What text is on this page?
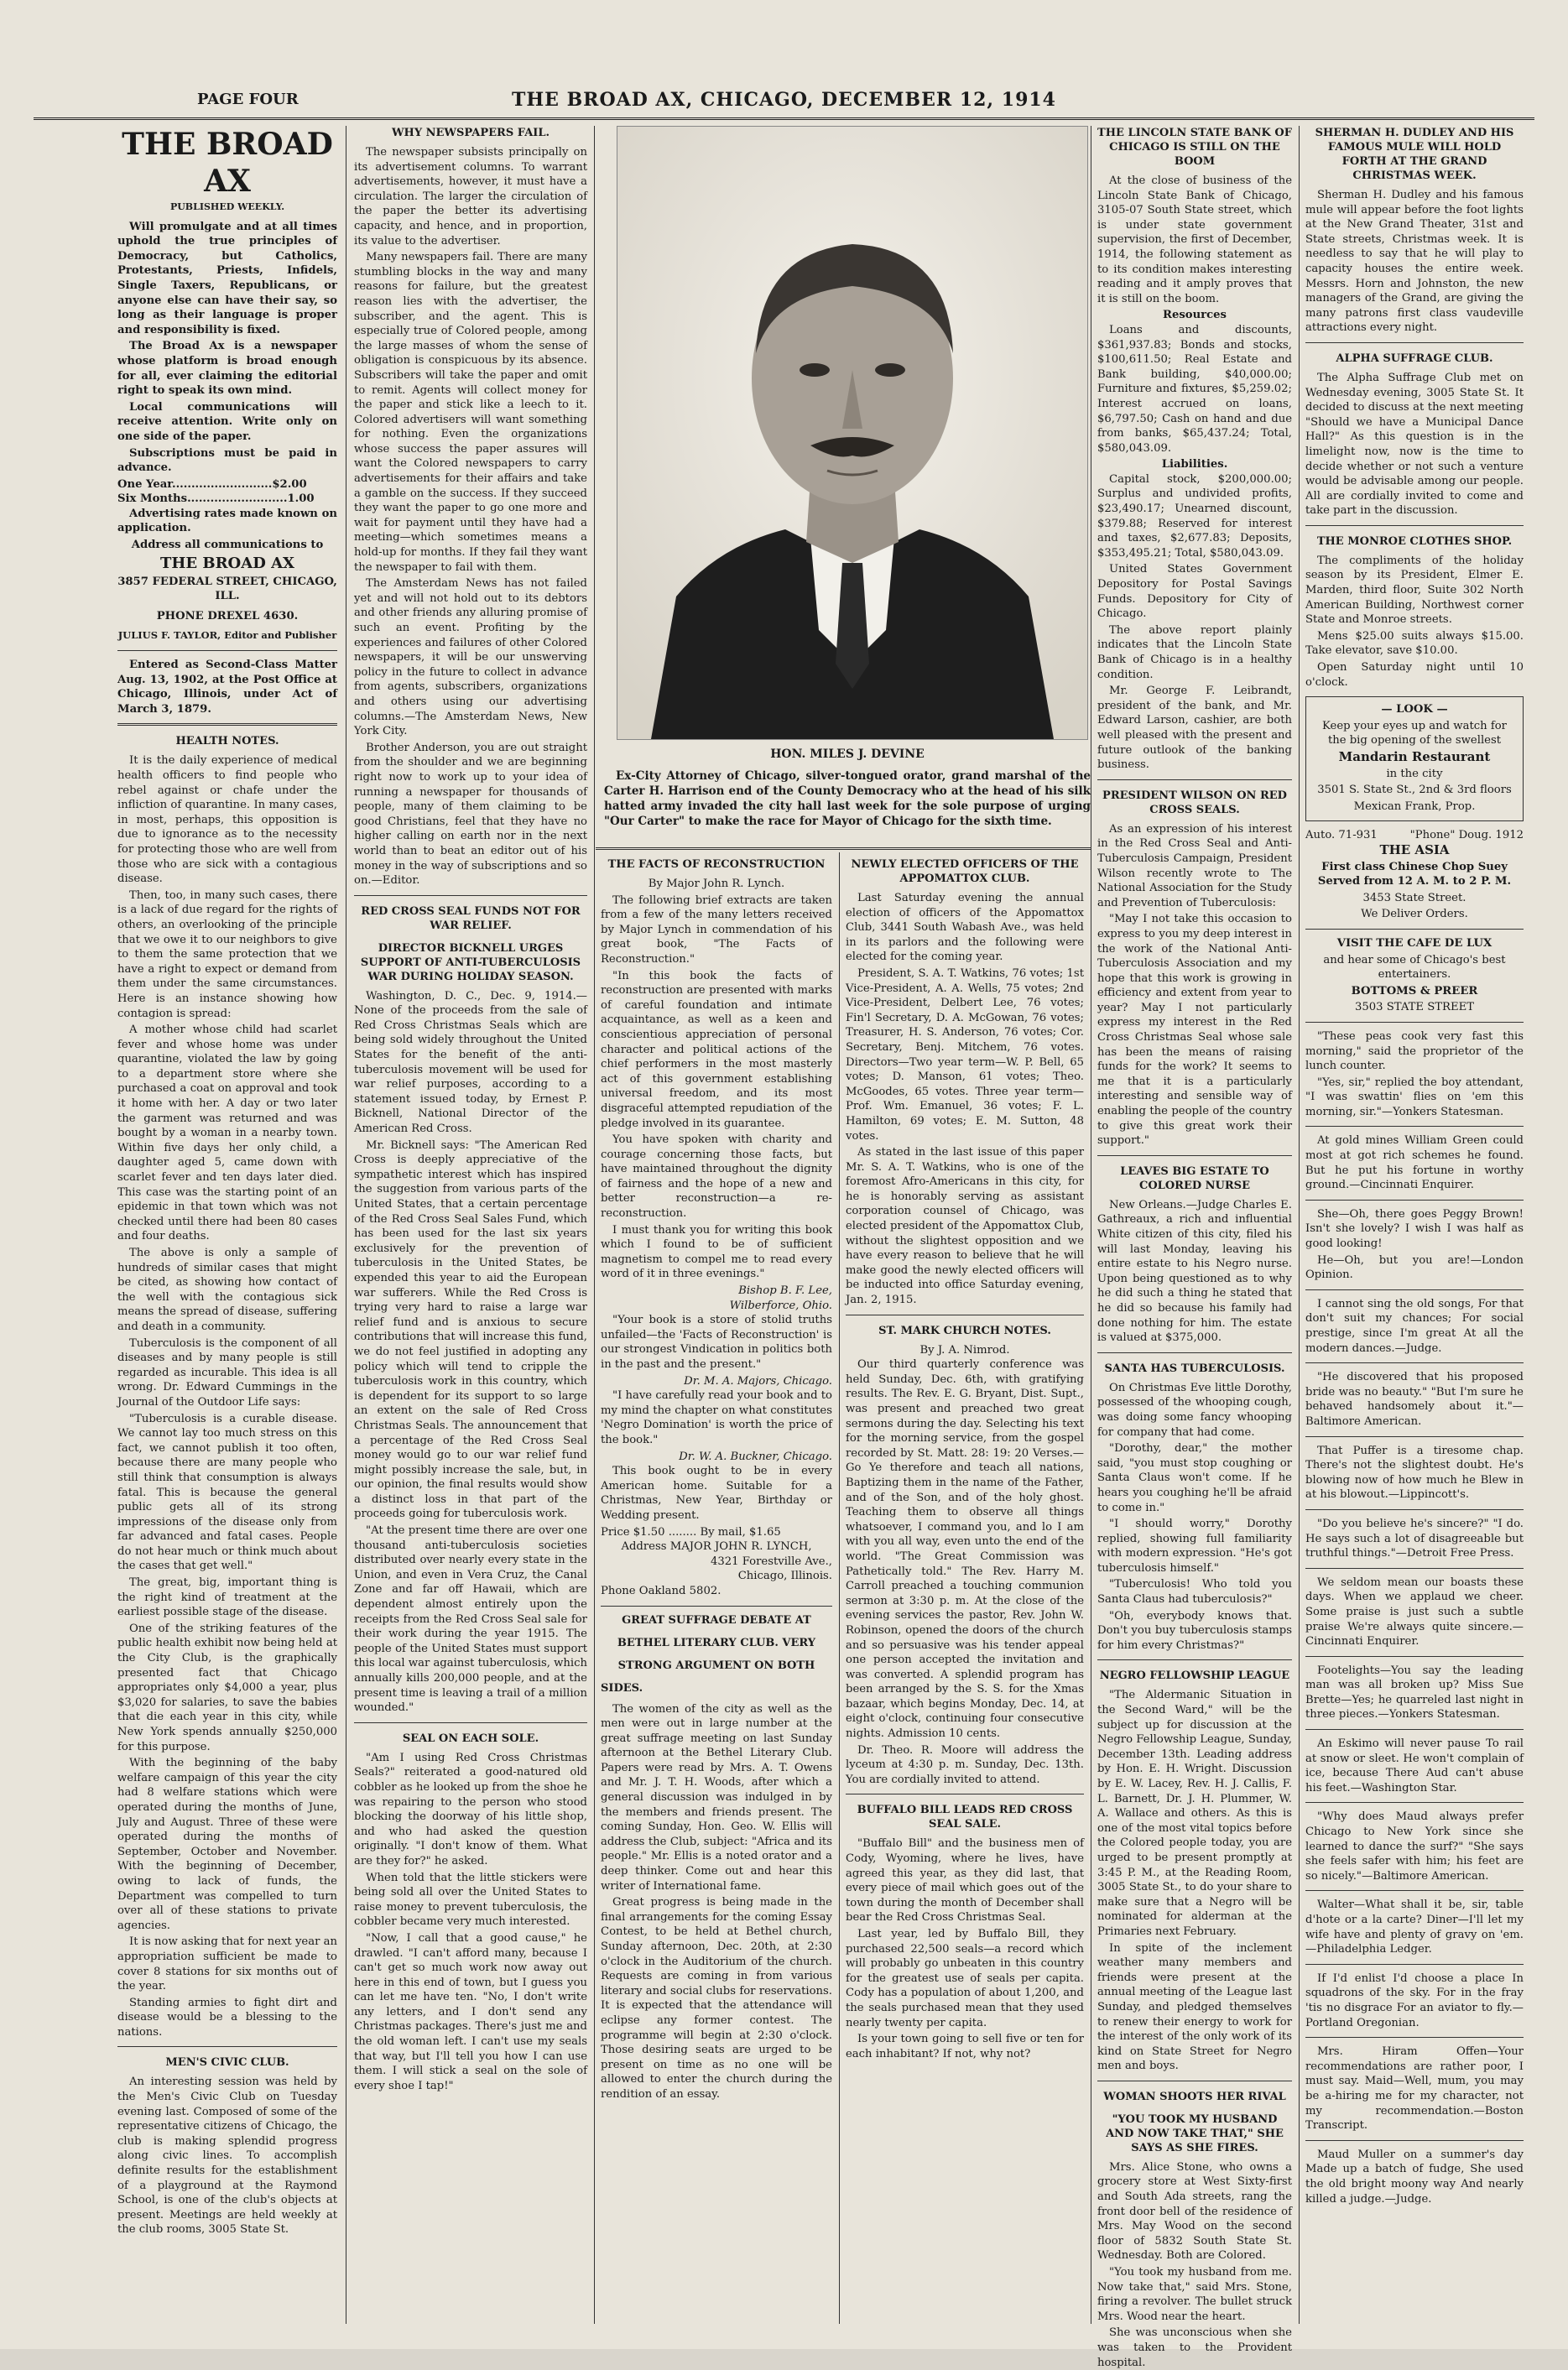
PAGE FOUR	THE BROAD AX, CHICAGO, DECEMBER 12, 1914
THE BROAD AX
PUBLISHED WEEKLY.

Will promulgate and at all times uphold the true principles of Democracy, but Catholics, Protestants, Priests, Infidels, Single Taxers, Republicans, or anyone else can have their say, so long as their language is proper and responsibility is fixed.

The Broad Ax is a newspaper whose platform is broad enough for all, ever claiming the editorial right to speak its own mind.

Local communications will receive attention. Write only on one side of the paper.

Subscriptions must be paid in advance.

One Year..........................$2.00
Six Months..........................1.00

Advertising rates made known on application.

Address all communications to
THE BROAD AX
3857 FEDERAL STREET, CHICAGO, ILL.
PHONE DREXEL 4630.
JULIUS F. TAYLOR, Editor and Publisher

Entered as Second-Class Matter Aug. 13, 1902, at the Post Office at Chicago, Illinois, under Act of March 3, 1879.

HEALTH NOTES.

It is the daily experience of medical health officers to find people who rebel against or chafe under the infliction of quarantine. In many cases, in most, perhaps, this opposition is due to ignorance as to the necessity for protecting those who are well from those who are sick with a contagious disease.

Then, too, in many such cases, there is a lack of due regard for the rights of others, an overlooking of the principle that we owe it to our neighbors to give to them the same protection that we have a right to expect or demand from them under the same circumstances. Here is an instance showing how contagion is spread:

A mother whose child had scarlet fever and whose home was under quarantine, violated the law by going to a department store where she purchased a coat on approval and took it home with her. A day or two later the garment was returned and was bought by a woman in a nearby town. Within five days her only child, a daughter aged 5, came down with scarlet fever and ten days later died. This case was the starting point of an epidemic in that town which was not checked until there had been 80 cases and four deaths.

The above is only a sample of hundreds of similar cases that might be cited, as showing how contact of the well with the contagious sick means the spread of disease, suffering and death in a community.

Tuberculosis is the component of all diseases and by many people is still regarded as incurable. This idea is all wrong. Dr. Edward Cummings in the Journal of the Outdoor Life says:

"Tuberculosis is a curable disease. We cannot lay too much stress on this fact, we cannot publish it too often, because there are many people who still think that consumption is always fatal. This is because the general public gets all of its strong impressions of the disease only from far advanced and fatal cases. People do not hear much or think much about the cases that get well."

The great, big, important thing is the right kind of treatment at the earliest possible stage of the disease.

One of the striking features of the public health exhibit now being held at the City Club, is the graphically presented fact that Chicago appropriates only $4,000 a year, plus $3,020 for salaries, to save the babies that die each year in this city, while New York spends annually $250,000 for this purpose.

With the beginning of the baby welfare campaign of this year the city had 8 welfare stations which were operated during the months of June, July and August. Three of these were operated during the months of September, October and November. With the beginning of December, owing to lack of funds, the Department was compelled to turn over all of these stations to private agencies.

It is now asking that for next year an appropriation sufficient be made to cover 8 stations for six months out of the year.

Standing armies to fight dirt and disease would be a blessing to the nations.

MEN'S CIVIC CLUB.

An interesting session was held by the Men's Civic Club on Tuesday evening last. Composed of some of the representative citizens of Chicago, the club is making splendid progress along civic lines. To accomplish definite results for the establishment of a playground at the Raymond School, is one of the club's objects at present. Meetings are held weekly at the club rooms, 3005 State St.

WHY NEWSPAPERS FAIL.

The newspaper subsists principally on its advertisement columns. To warrant advertisements, however, it must have a circulation. The larger the circulation of the paper the better its advertising capacity, and hence, and in proportion, its value to the advertiser.

Many newspapers fail. There are many stumbling blocks in the way and many reasons for failure, but the greatest reason lies with the advertiser, the subscriber, and the agent. This is especially true of Colored people, among the large masses of whom the sense of obligation is conspicuous by its absence. Subscribers will take the paper and omit to remit. Agents will collect money for the paper and stick like a leech to it. Colored advertisers will want something for nothing. Even the organizations whose success the paper assures will want the Colored newspapers to carry advertisements for their affairs and take a gamble on the success. If they succeed they want the paper to go one more and wait for payment until they have had a meeting—which sometimes means a hold-up for months. If they fail they want the newspaper to fail with them.

The Amsterdam News has not failed yet and will not hold out to its debtors and other friends any alluring promise of such an event. Profiting by the experiences and failures of other Colored newspapers, it will be our unswerving policy in the future to collect in advance from agents, subscribers, organizations and others using our advertising columns.—The Amsterdam News, New York City.

Brother Anderson, you are out straight from the shoulder and we are beginning right now to work up to your idea of running a newspaper for thousands of people, many of them claiming to be good Christians, feel that they have no higher calling on earth nor in the next world than to beat an editor out of his money in the way of subscriptions and so on.—Editor.

RED CROSS SEAL FUNDS NOT FOR WAR RELIEF.
DIRECTOR BICKNELL URGES SUPPORT OF ANTI-TUBERCULOSIS WAR DURING HOLIDAY SEASON.

Washington, D. C., Dec. 9, 1914.—None of the proceeds from the sale of Red Cross Christmas Seals which are being sold widely throughout the United States for the benefit of the anti-tuberculosis movement will be used for war relief purposes, according to a statement issued today, by Ernest P. Bicknell, National Director of the American Red Cross.

Mr. Bicknell says: "The American Red Cross is deeply appreciative of the sympathetic interest which has inspired the suggestion from various parts of the United States, that a certain percentage of the Red Cross Seal Sales Fund, which has been used for the last six years exclusively for the prevention of tuberculosis in the United States, be expended this year to aid the European war sufferers. While the Red Cross is trying very hard to raise a large war relief fund and is anxious to secure contributions that will increase this fund, we do not feel justified in adopting any policy which will tend to cripple the tuberculosis work in this country, which is dependent for its support to so large an extent on the sale of Red Cross Christmas Seals. The announcement that a percentage of the Red Cross Seal money would go to our war relief fund might possibly increase the sale, but, in our opinion, the final results would show a distinct loss in that part of the proceeds going for tuberculosis work.

"At the present time there are over one thousand anti-tuberculosis societies distributed over nearly every state in the Union, and even in Vera Cruz, the Canal Zone and far off Hawaii, which are dependent almost entirely upon the receipts from the Red Cross Seal sale for their work during the year 1915. The people of the United States must support this local war against tuberculosis, which annually kills 200,000 people, and at the present time is leaving a trail of a million wounded."

SEAL ON EACH SOLE.

"Am I using Red Cross Christmas Seals?" reiterated a good-natured old cobbler as he looked up from the shoe he was repairing to the person who stood blocking the doorway of his little shop, and who had asked the question originally. "I don't know of them. What are they for?" he asked.

When told that the little stickers were being sold all over the United States to raise money to prevent tuberculosis, the cobbler became very much interested.

"Now, I call that a good cause," he drawled. "I can't afford many, because I can't get so much work now away out here in this end of town, but I guess you can let me have ten. "No, I don't write any letters, and I don't send any Christmas packages. There's just me and the old woman left. I can't use my seals that way, but I'll tell you how I can use them. I will stick a seal on the sole of every shoe I tap!"

HON. MILES J. DEVINE
Ex-City Attorney of Chicago, silver-tongued orator, grand marshal of the Carter H. Harrison end of the County Democracy who at the head of his silk hatted army invaded the city hall last week for the sole purpose of urging "Our Carter" to make the race for Mayor of Chicago for the sixth time.
THE FACTS OF RECONSTRUCTION

By Major John R. Lynch.

The following brief extracts are taken from a few of the many letters received by Major Lynch in commendation of his great book, "The Facts of Reconstruction."

"In this book the facts of reconstruction are presented with marks of careful foundation and intimate acquaintance, as well as a keen and conscientious appreciation of personal character and political actions of the chief performers in the most masterly act of this government establishing universal freedom, and its most disgraceful attempted repudiation of the pledge involved in its guarantee.

You have spoken with charity and courage concerning those facts, but have maintained throughout the dignity of fairness and the hope of a new and better reconstruction—a re-reconstruction.

I must thank you for writing this book which I found to be of sufficient magnetism to compel me to read every word of it in three evenings."

Bishop B. F. Lee,
Wilberforce, Ohio.

"Your book is a store of stolid truths unfailed—the 'Facts of Reconstruction' is our strongest Vindication in politics both in the past and the present."

Dr. M. A. Majors, Chicago.

"I have carefully read your book and to my mind the chapter on what constitutes 'Negro Domination' is worth the price of the book."

Dr. W. A. Buckner, Chicago.

This book ought to be in every American home. Suitable for a Christmas, New Year, Birthday or Wedding present.

Price $1.50 ........ By mail, $1.65
Address MAJOR JOHN R. LYNCH,
4321 Forestville Ave.,
Chicago, Illinois.
Phone Oakland 5802.
GREAT SUFFRAGE DEBATE AT
BETHEL LITERARY CLUB. VERY
STRONG ARGUMENT ON BOTH
SIDES.

The women of the city as well as the men were out in large number at the great suffrage meeting on last Sunday afternoon at the Bethel Literary Club. Papers were read by Mrs. A. T. Owens and Mr. J. T. H. Woods, after which a general discussion was indulged in by the members and friends present. The coming Sunday, Hon. Geo. W. Ellis will address the Club, subject: "Africa and its people." Mr. Ellis is a noted orator and a deep thinker. Come out and hear this writer of International fame.

Great progress is being made in the final arrangements for the coming Essay Contest, to be held at Bethel church, Sunday afternoon, Dec. 20th, at 2:30 o'clock in the Auditorium of the church. Requests are coming in from various literary and social clubs for reservations. It is expected that the attendance will eclipse any former contest. The programme will begin at 2:30 o'clock. Those desiring seats are urged to be present on time as no one will be allowed to enter the church during the rendition of an essay.

NEWLY ELECTED OFFICERS OF THE APPOMATTOX CLUB.

Last Saturday evening the annual election of officers of the Appomattox Club, 3441 South Wabash Ave., was held in its parlors and the following were elected for the coming year.

President, S. A. T. Watkins, 76 votes; 1st Vice-President, A. A. Wells, 75 votes; 2nd Vice-President, Delbert Lee, 76 votes; Fin'l Secretary, D. A. McGowan, 76 votes; Treasurer, H. S. Anderson, 76 votes; Cor. Secretary, Benj. Mitchem, 76 votes. Directors—Two year term—W. P. Bell, 65 votes; D. Manson, 61 votes; Theo. McGoodes, 65 votes. Three year term—Prof. Wm. Emanuel, 36 votes; F. L. Hamilton, 69 votes; E. M. Sutton, 48 votes.

As stated in the last issue of this paper Mr. S. A. T. Watkins, who is one of the foremost Afro-Americans in this city, for he is honorably serving as assistant corporation counsel of Chicago, was elected president of the Appomattox Club, without the slightest opposition and we have every reason to believe that he will make good the newly elected officers will be inducted into office Saturday evening, Jan. 2, 1915.

ST. MARK CHURCH NOTES.
By J. A. Nimrod.

Our third quarterly conference was held Sunday, Dec. 6th, with gratifying results. The Rev. E. G. Bryant, Dist. Supt., was present and preached two great sermons during the day. Selecting his text for the morning service, from the gospel recorded by St. Matt. 28: 19: 20 Verses.—Go Ye therefore and teach all nations, Baptizing them in the name of the Father, and of the Son, and of the holy ghost. Teaching them to observe all things whatsoever, I command you, and lo I am with you all way, even unto the end of the world. "The Great Commission was Pathetically told." The Rev. Harry M. Carroll preached a touching communion sermon at 3:30 p. m. At the close of the evening services the pastor, Rev. John W. Robinson, opened the doors of the church and so persuasive was his tender appeal one person accepted the invitation and was converted. A splendid program has been arranged by the S. S. for the Xmas bazaar, which begins Monday, Dec. 14, at eight o'clock, continuing four consecutive nights. Admission 10 cents.

Dr. Theo. R. Moore will address the lyceum at 4:30 p. m. Sunday, Dec. 13th. You are cordially invited to attend.

BUFFALO BILL LEADS RED CROSS SEAL SALE.

"Buffalo Bill" and the business men of Cody, Wyoming, where he lives, have agreed this year, as they did last, that every piece of mail which goes out of the town during the month of December shall bear the Red Cross Christmas Seal.

Last year, led by Buffalo Bill, they purchased 22,500 seals—a record which will probably go unbeaten in this country for the greatest use of seals per capita. Cody has a population of about 1,200, and the seals purchased mean that they used nearly twenty per capita.

Is your town going to sell five or ten for each inhabitant? If not, why not?

THE LINCOLN STATE BANK OF CHICAGO IS STILL ON THE BOOM

At the close of business of the Lincoln State Bank of Chicago, 3105-07 South State street, which is under state government supervision, the first of December, 1914, the following statement as to its condition makes interesting reading and it amply proves that it is still on the boom.

Resources

Loans and discounts, $361,937.83; Bonds and stocks, $100,611.50; Real Estate and Bank building, $40,000.00; Furniture and fixtures, $5,259.02; Interest accrued on loans, $6,797.50; Cash on hand and due from banks, $65,437.24; Total, $580,043.09.

Liabilities.

Capital stock, $200,000.00; Surplus and undivided profits, $23,490.17; Unearned discount, $379.88; Reserved for interest and taxes, $2,677.83; Deposits, $353,495.21; Total, $580,043.09.

United States Government Depository for Postal Savings Funds. Depository for City of Chicago.

The above report plainly indicates that the Lincoln State Bank of Chicago is in a healthy condition.

Mr. George F. Leibrandt, president of the bank, and Mr. Edward Larson, cashier, are both well pleased with the present and future outlook of the banking business.

PRESIDENT WILSON ON RED CROSS SEALS.

As an expression of his interest in the Red Cross Seal and Anti-Tuberculosis Campaign, President Wilson recently wrote to The National Association for the Study and Prevention of Tuberculosis:

"May I not take this occasion to express to you my deep interest in the work of the National Anti-Tuberculosis Association and my hope that this work is growing in efficiency and extent from year to year? May I not particularly express my interest in the Red Cross Christmas Seal whose sale has been the means of raising funds for the work? It seems to me that it is a particularly interesting and sensible way of enabling the people of the country to give this great work their support."

LEAVES BIG ESTATE TO COLORED NURSE

New Orleans.—Judge Charles E. Gathreaux, a rich and influential White citizen of this city, filed his will last Monday, leaving his entire estate to his Negro nurse. Upon being questioned as to why he did such a thing he stated that he did so because his family had done nothing for him. The estate is valued at $375,000.

SANTA HAS TUBERCULOSIS.

On Christmas Eve little Dorothy, possessed of the whooping cough, was doing some fancy whooping for company that had come.

"Dorothy, dear," the mother said, "you must stop coughing or Santa Claus won't come. If he hears you coughing he'll be afraid to come in."

"I should worry," Dorothy replied, showing full familiarity with modern expression. "He's got tuberculosis himself."

"Tuberculosis! Who told you Santa Claus had tuberculosis?"

"Oh, everybody knows that. Don't you buy tuberculosis stamps for him every Christmas?"

NEGRO FELLOWSHIP LEAGUE

"The Aldermanic Situation in the Second Ward," will be the subject up for discussion at the Negro Fellowship League, Sunday, December 13th. Leading address by Hon. E. H. Wright. Discussion by E. W. Lacey, Rev. H. J. Callis, F. L. Barnett, Dr. J. H. Plummer, W. A. Wallace and others. As this is one of the most vital topics before the Colored people today, you are urged to be present promptly at 3:45 P. M., at the Reading Room, 3005 State St., to do your share to make sure that a Negro will be nominated for alderman at the Primaries next February.

In spite of the inclement weather many members and friends were present at the annual meeting of the League last Sunday, and pledged themselves to renew their energy to work for the interest of the only work of its kind on State Street for Negro men and boys.

WOMAN SHOOTS HER RIVAL
"YOU TOOK MY HUSBAND AND NOW TAKE THAT," SHE SAYS AS SHE FIRES.

Mrs. Alice Stone, who owns a grocery store at West Sixty-first and South Ada streets, rang the front door bell of the residence of Mrs. May Wood on the second floor of 5832 South State St. Wednesday. Both are Colored.

"You took my husband from me. Now take that," said Mrs. Stone, firing a revolver. The bullet struck Mrs. Wood near the heart.

She was unconscious when she was taken to the Provident hospital.

SHERMAN H. DUDLEY AND HIS FAMOUS MULE WILL HOLD FORTH AT THE GRAND CHRISTMAS WEEK.

Sherman H. Dudley and his famous mule will appear before the foot lights at the New Grand Theater, 31st and State streets, Christmas week. It is needless to say that he will play to capacity houses the entire week. Messrs. Horn and Johnston, the new managers of the Grand, are giving the many patrons first class vaudeville attractions every night.

ALPHA SUFFRAGE CLUB.

The Alpha Suffrage Club met on Wednesday evening, 3005 State St. It decided to discuss at the next meeting "Should we have a Municipal Dance Hall?" As this question is in the limelight now, now is the time to decide whether or not such a venture would be advisable among our people. All are cordially invited to come and take part in the discussion.

THE MONROE CLOTHES SHOP.

The compliments of the holiday season by its President, Elmer E. Marden, third floor, Suite 302 North American Building, Northwest corner State and Monroe streets.

Mens $25.00 suits always $15.00. Take elevator, save $10.00.

Open Saturday night until 10 o'clock.

— LOOK —

Keep your eyes up and watch for the big opening of the swellest

Mandarin Restaurant

in the city

3501 S. State St., 2nd & 3rd floors

Mexican Frank, Prop.

Auto. 71-931	"Phone" Doug. 1912

THE ASIA

First class Chinese Chop Suey Served from 12 A. M. to 2 P. M.

3453 State Street.

We Deliver Orders.

VISIT THE CAFE DE LUX

and hear some of Chicago's best entertainers.

BOTTOMS & PREER

3503 STATE STREET

"These peas cook very fast this morning," said the proprietor of the lunch counter.

"Yes, sir," replied the boy attendant, "I was swattin' flies on 'em this morning, sir."—Yonkers Statesman.

At gold mines William Green could most at got rich schemes he found. But he put his fortune in worthy ground.—Cincinnati Enquirer.

She—Oh, there goes Peggy Brown! Isn't she lovely? I wish I was half as good looking!

He—Oh, but you are!—London Opinion.

I cannot sing the old songs, For that don't suit my chances; For social prestige, since I'm great At all the modern dances.—Judge.

"He discovered that his proposed bride was no beauty." "But I'm sure he behaved handsomely about it."—Baltimore American.

That Puffer is a tiresome chap. There's not the slightest doubt. He's blowing now of how much he Blew in at his blowout.—Lippincott's.

"Do you believe he's sincere?" "I do. He says such a lot of disagreeable but truthful things."—Detroit Free Press.

We seldom mean our boasts these days. When we applaud we cheer. Some praise is just such a subtle praise We're always quite sincere.—Cincinnati Enquirer.

Footelights—You say the leading man was all broken up? Miss Sue Brette—Yes; he quarreled last night in three pieces.—Yonkers Statesman.

An Eskimo will never pause To rail at snow or sleet. He won't complain of ice, because There Aud can't abuse his feet.—Washington Star.

"Why does Maud always prefer Chicago to New York since she learned to dance the surf?" "She says she feels safer with him; his feet are so nicely."—Baltimore American.

Walter—What shall it be, sir, table d'hote or a la carte? Diner—I'll let my wife have and plenty of gravy on 'em.—Philadelphia Ledger.

If I'd enlist I'd choose a place In squadrons of the sky. For in the fray 'tis no disgrace For an aviator to fly.—Portland Oregonian.

Mrs. Hiram Offen—Your recommendations are rather poor, I must say. Maid—Well, mum, you may be a-hiring me for my character, not my recommendation.—Boston Transcript.

Maud Muller on a summer's day Made up a batch of fudge, She used the old bright moony way And nearly killed a judge.—Judge.
